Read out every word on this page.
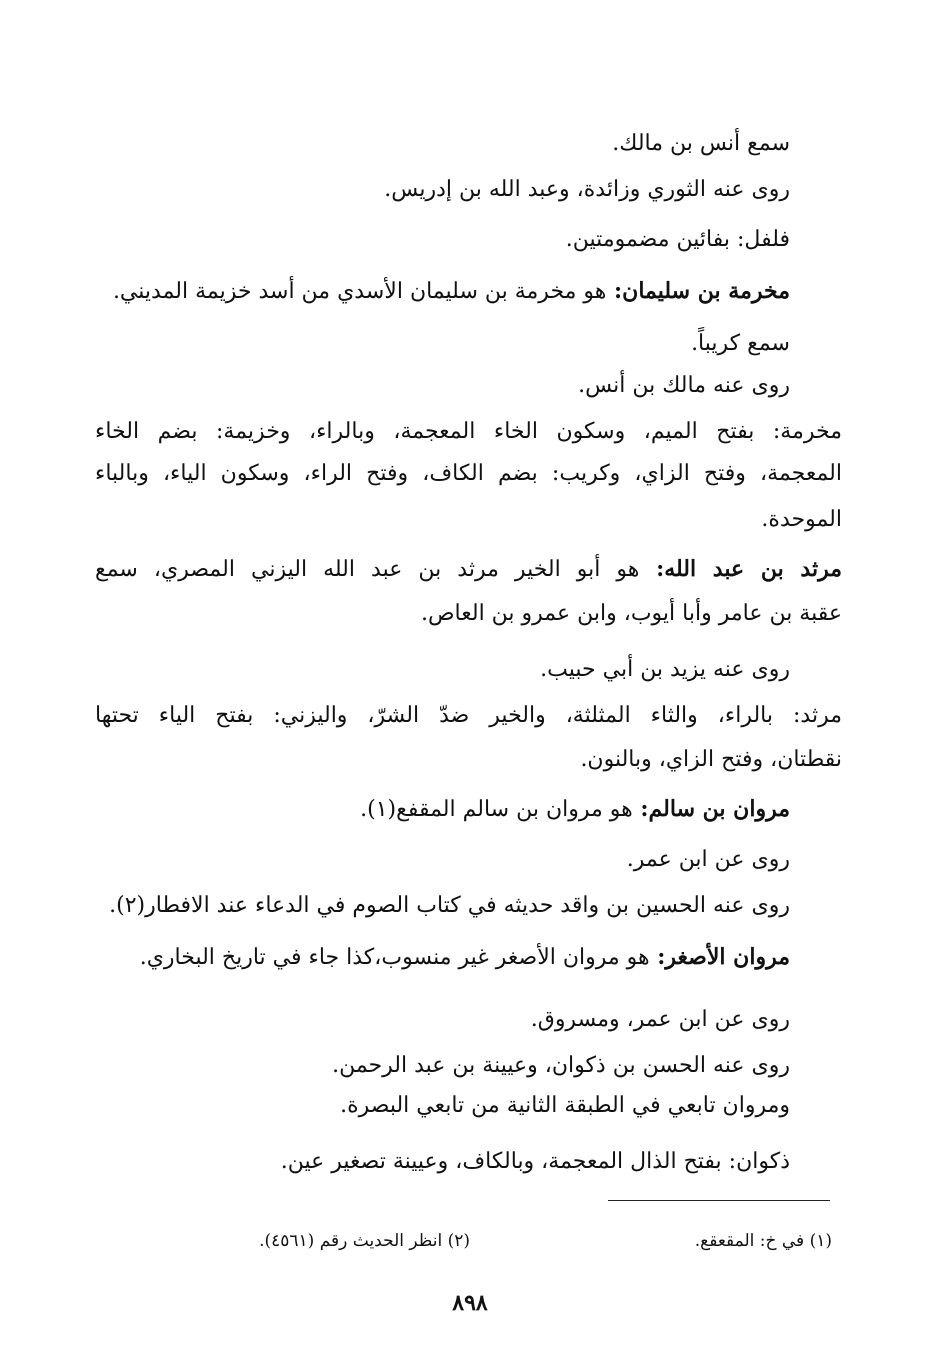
سمع أنس بن مالك.
روى عنه الثوري وزائدة، وعبد الله بن إدريس.
فلفل: بفائين مضمومتين.
مخرمة بن سليمان: هو مخرمة بن سليمان الأسدي من أسد خزيمة المديني.
سمع كريباً.
روى عنه مالك بن أنس.
مخرمة: بفتح الميم، وسكون الخاء المعجمة، وبالراء، وخزيمة: بضم الخاء
المعجمة، وفتح الزاي، وكريب: بضم الكاف، وفتح الراء، وسكون الياء، وبالباء
الموحدة.
مرثد بن عبد الله: هو أبو الخير مرثد بن عبد الله اليزني المصري، سمع
عقبة بن عامر وأبا أيوب، وابن عمرو بن العاص.
روى عنه يزيد بن أبي حبيب.
مرثد: بالراء، والثاء المثلثة، والخير ضدّ الشرّ، واليزني: بفتح الياء تحتها
نقطتان، وفتح الزاي، وبالنون.
مروان بن سالم: هو مروان بن سالم المقفع(١).
روى عن ابن عمر.
روى عنه الحسين بن واقد حديثه في كتاب الصوم في الدعاء عند الافطار(٢).
مروان الأصغر: هو مروان الأصغر غير منسوب،كذا جاء في تاريخ البخاري.
روى عن ابن عمر، ومسروق.
روى عنه الحسن بن ذكوان، وعيينة بن عبد الرحمن.
ومروان تابعي في الطبقة الثانية من تابعي البصرة.
ذكوان: بفتح الذال المعجمة، وبالكاف، وعيينة تصغير عين.
(١) في خ: المقعقع.
(٢) انظر الحديث رقم (٤٥٦١).
٨٩٨
